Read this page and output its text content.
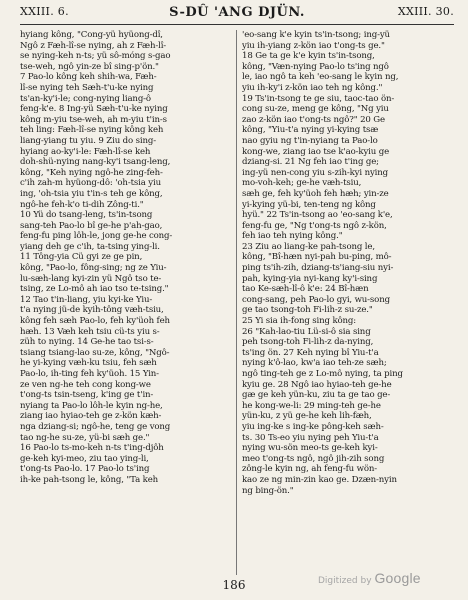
XXIII. 6.	S-DÛ 'ANG DJÜN.	XXIII. 30.
hyiang kông, "Cong-yü hyüong-dî,
Ngô z Fæh-lî-se nying, ah z Fæh-lî-
se nying-keh n-ts; yü sô-móng s-gao
tse-weh, ngô yin-ze bî sing-p'ön."
7 Pao-lo kông keh shih-wa, Fæh-
lî-se nying teh Sæh-t'u-ke nying
ts'an-ky'i-le; cong-nying liang-ô
feng-k'e. 8 Ing-yü Sæh-t'u-ke nying
kông m-yiu tse-weh, ah m-yiu t'in-s
teh ling: Fæh-lî-se nying kông keh
liang-yiang tu yiu. 9 Ziu do sing-
hyiang ao-ky'i-le: Fæh-lî-se keh
doh-shü-nying nang-ky'i tsang-leng,
kông, "Keh nying ngô-he zing-feh-
c'ih zah-m hyüong-dô: 'oh-tsia yiu
ing, 'oh-tsia yiu t'in-s teh ge kông,
ngô-he feh-k'o ti-dih Zông-ti."
10 Yü do tsang-leng, ts'in-tsong
sang-teh Pao-lo bî ge-he p'ah-gao,
feng-fu ping lôh-le, jong ge-he cong-
yiang deh ge c'ih, ta-tsing ying-li.
11 Tông-yia Cü gyi ze ge pin,
kông, "Pao-lo, fông-sing; ng ze Yiu-
lu-sæh-lang kyi-zin yü Ngô tso te-
tsing, ze Lo-mô ah iao tso te-tsing."
12 Tao t'in-liang, yiu kyi-ke Yiu-
t'a nying jü-de kyih-tông væh-tsiu,
kông feh sæh Pao-lo, feh ky'üoh feh
hæh. 13 Væh keh tsiu cü-ts yiu s-
züh to nying. 14 Ge-he tao tsi-s-
tsiang tsiang-lao su-ze, kông, "Ngô-
he yi-kying væh-ku tsiu, feh sæh
Pao-lo, ih-ting feh ky'üoh. 15 Yin-
ze ven ng-he teh cong kong-we
t'ong-ts tsin-tseng, k'ing ge t'in-
nyiang ta Pao-lo lôh-le kyin ng-he,
ziang iao hyiao-teh ge z-kön kæh-
nga dziang-si; ngô-he, teng ge vong
tao ng-he su-ze, yü-bi sæh ge."
16 Pao-lo ts-mo-keh n-ts t'ing-djôh
ge-keh kyi-meo, ziu tao ying-li,
t'ong-ts Pao-lo. 17 Pao-lo ts'ing
ih-ke pah-tsong le, kông, "Ta keh
'eo-sang k'e kyin ts'in-tsong; ing-yü
yiu ih-yiang z-kön iao t'ong-ts ge."
18 Ge ta ge k'e kyin ts'in-tsong,
kông, "Væn-nying Pao-lo ts'ing ngô
le, iao ngô ta keh 'eo-sang le kyin ng,
yiu ih-ky'i z-kön iao teh ng kông."
19 Ts'in-tsong te ge siu, taoc-tao ön-
cong su-ze, meng ge kông, "Ng yiu
zao z-kön iao t'ong-ts ngô?" 20 Ge
kông, "Yiu-t'a nying yi-kying tsæ
nao gyiu ng t'in-nyiang ta Pao-lo
kong-we, ziang iao tse k'ao-kyiu ge
dziang-si. 21 Ng feh iao t'ing ge;
ing-yü nen-cong yiu s-zih-kyi nying
mo-voh-keh; ge-he væh-tsiu,
sæh ge, feh ky'üoh feh hæh; yin-ze
yi-kying yü-bi, ten-teng ng kông
hyü." 22 Ts'in-tsong ao 'eo-sang k'e,
feng-fu ge, "Ng t'ong-ts ngô z-kön,
feh iao teh nying kông."
23 Ziu ao liang-ke pah-tsong le,
kông, "Bî-hæn nyi-pah bu-ping, mô-
ping ts'ih-zih, dziang-ts'iang-siu nyi-
pah, kying-yia nyi-kang ky'i-sing
tao Ke-sæh-lî-ô k'e: 24 Bî-hæn
cong-sang, peh Pao-lo gyi, wu-song
ge tao tsong-toh Fi-lih-z su-ze."
25 Yi sia ih-fong sing kông:
26 "Kah-lao-tiu Lü-si-ô sia sing
peh tsong-toh Fi-lih-z da-nying,
ts'ing ön. 27 Keh nying bî Yiu-t'a
nying k'ô-lao, kw'a iao teh-ze sæh;
ngô ting-teh ge z Lo-mô nying, ta ping
kyiu ge. 28 Ngô iao hyiao-teh ge-he
gæ ge keh yün-ku, ziu ta ge tao ge-
he kong-we-li: 29 ming-teh ge-he
yün-ku, z yü ge-he keh lih-fæh,
yiu ing-ke s ing-ke pông-keh sæh-
ts. 30 Ts-eo yiu nying peh Yiu-t'a
nying wu-sön meo-ts ge-keh kyi-
meo t'ong-ts ngô, ngô jih-zih song
zông-le kyin ng, ah feng-fu wön-
kao ze ng min-zin kao ge. Dzæn-nyin
ng bing-ön."
186	Digitized by Google
